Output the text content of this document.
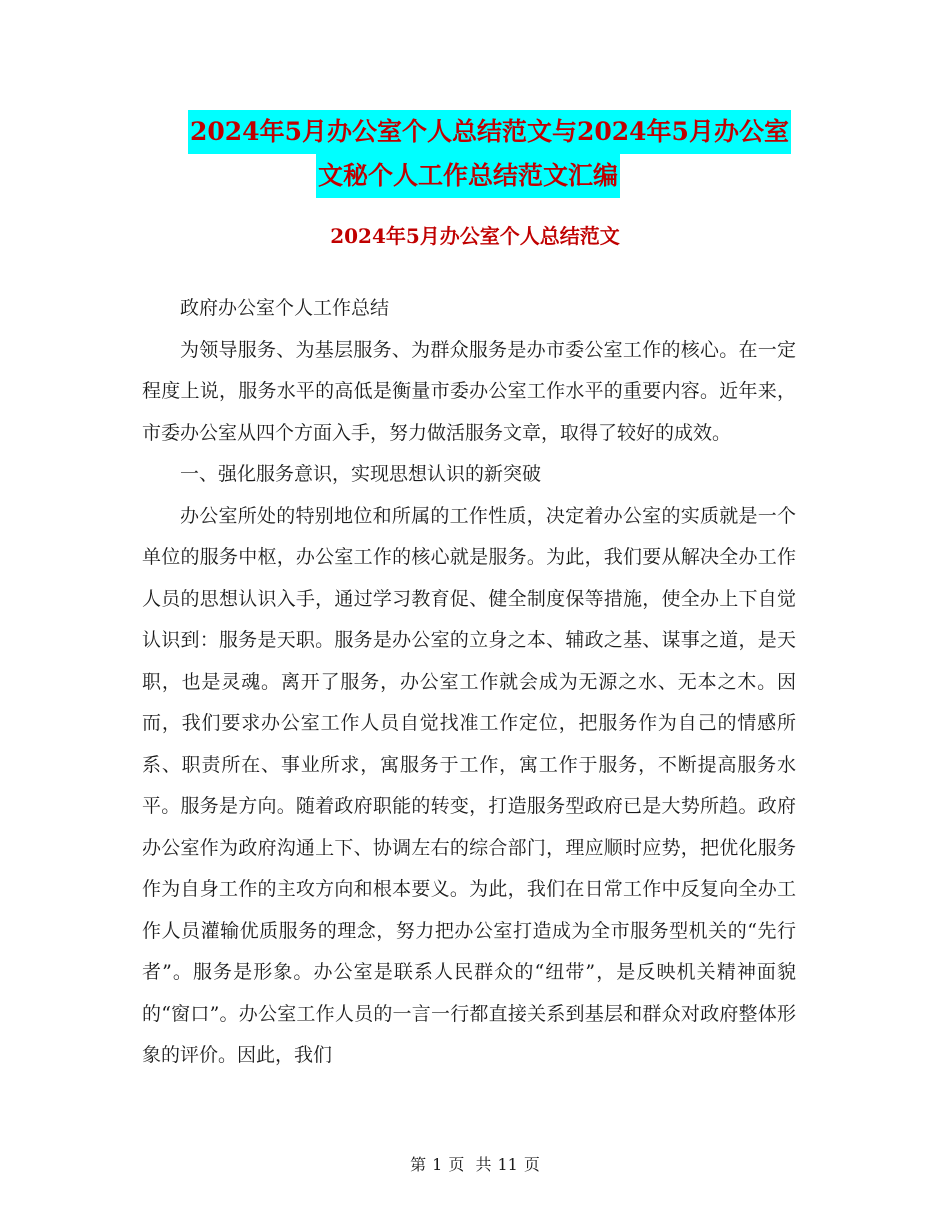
2024年5月办公室个人总结范文与2024年5月办公室
文秘个人工作总结范文汇编
2024年5月办公室个人总结范文

政府办公室个人工作总结

为领导服务、为基层服务、为群众服务是办市委公室工作的核心。在一定程度上说，服务水平的高低是衡量市委办公室工作水平的重要内容。近年来，市委办公室从四个方面入手，努力做活服务文章，取得了较好的成效。

一、强化服务意识，实现思想认识的新突破

办公室所处的特别地位和所属的工作性质，决定着办公室的实质就是一个单位的服务中枢，办公室工作的核心就是服务。为此，我们要从解决全办工作人员的思想认识入手，通过学习教育促、健全制度保等措施，使全办上下自觉认识到：服务是天职。服务是办公室的立身之本、辅政之基、谋事之道，是天职，也是灵魂。离开了服务，办公室工作就会成为无源之水、无本之木。因而，我们要求办公室工作人员自觉找准工作定位，把服务作为自己的情感所系、职责所在、事业所求，寓服务于工作，寓工作于服务，不断提高服务水平。服务是方向。随着政府职能的转变，打造服务型政府已是大势所趋。政府办公室作为政府沟通上下、协调左右的综合部门，理应顺时应势，把优化服务作为自身工作的主攻方向和根本要义。为此，我们在日常工作中反复向全办工作人员灌输优质服务的理念，努力把办公室打造成为全市服务型机关的“先行者”。服务是形象。办公室是联系人民群众的“纽带”，是反映机关精神面貌的“窗口”。办公室工作人员的一言一行都直接关系到基层和群众对政府整体形象的评价。因此，我们

第 1 页 共 11 页
